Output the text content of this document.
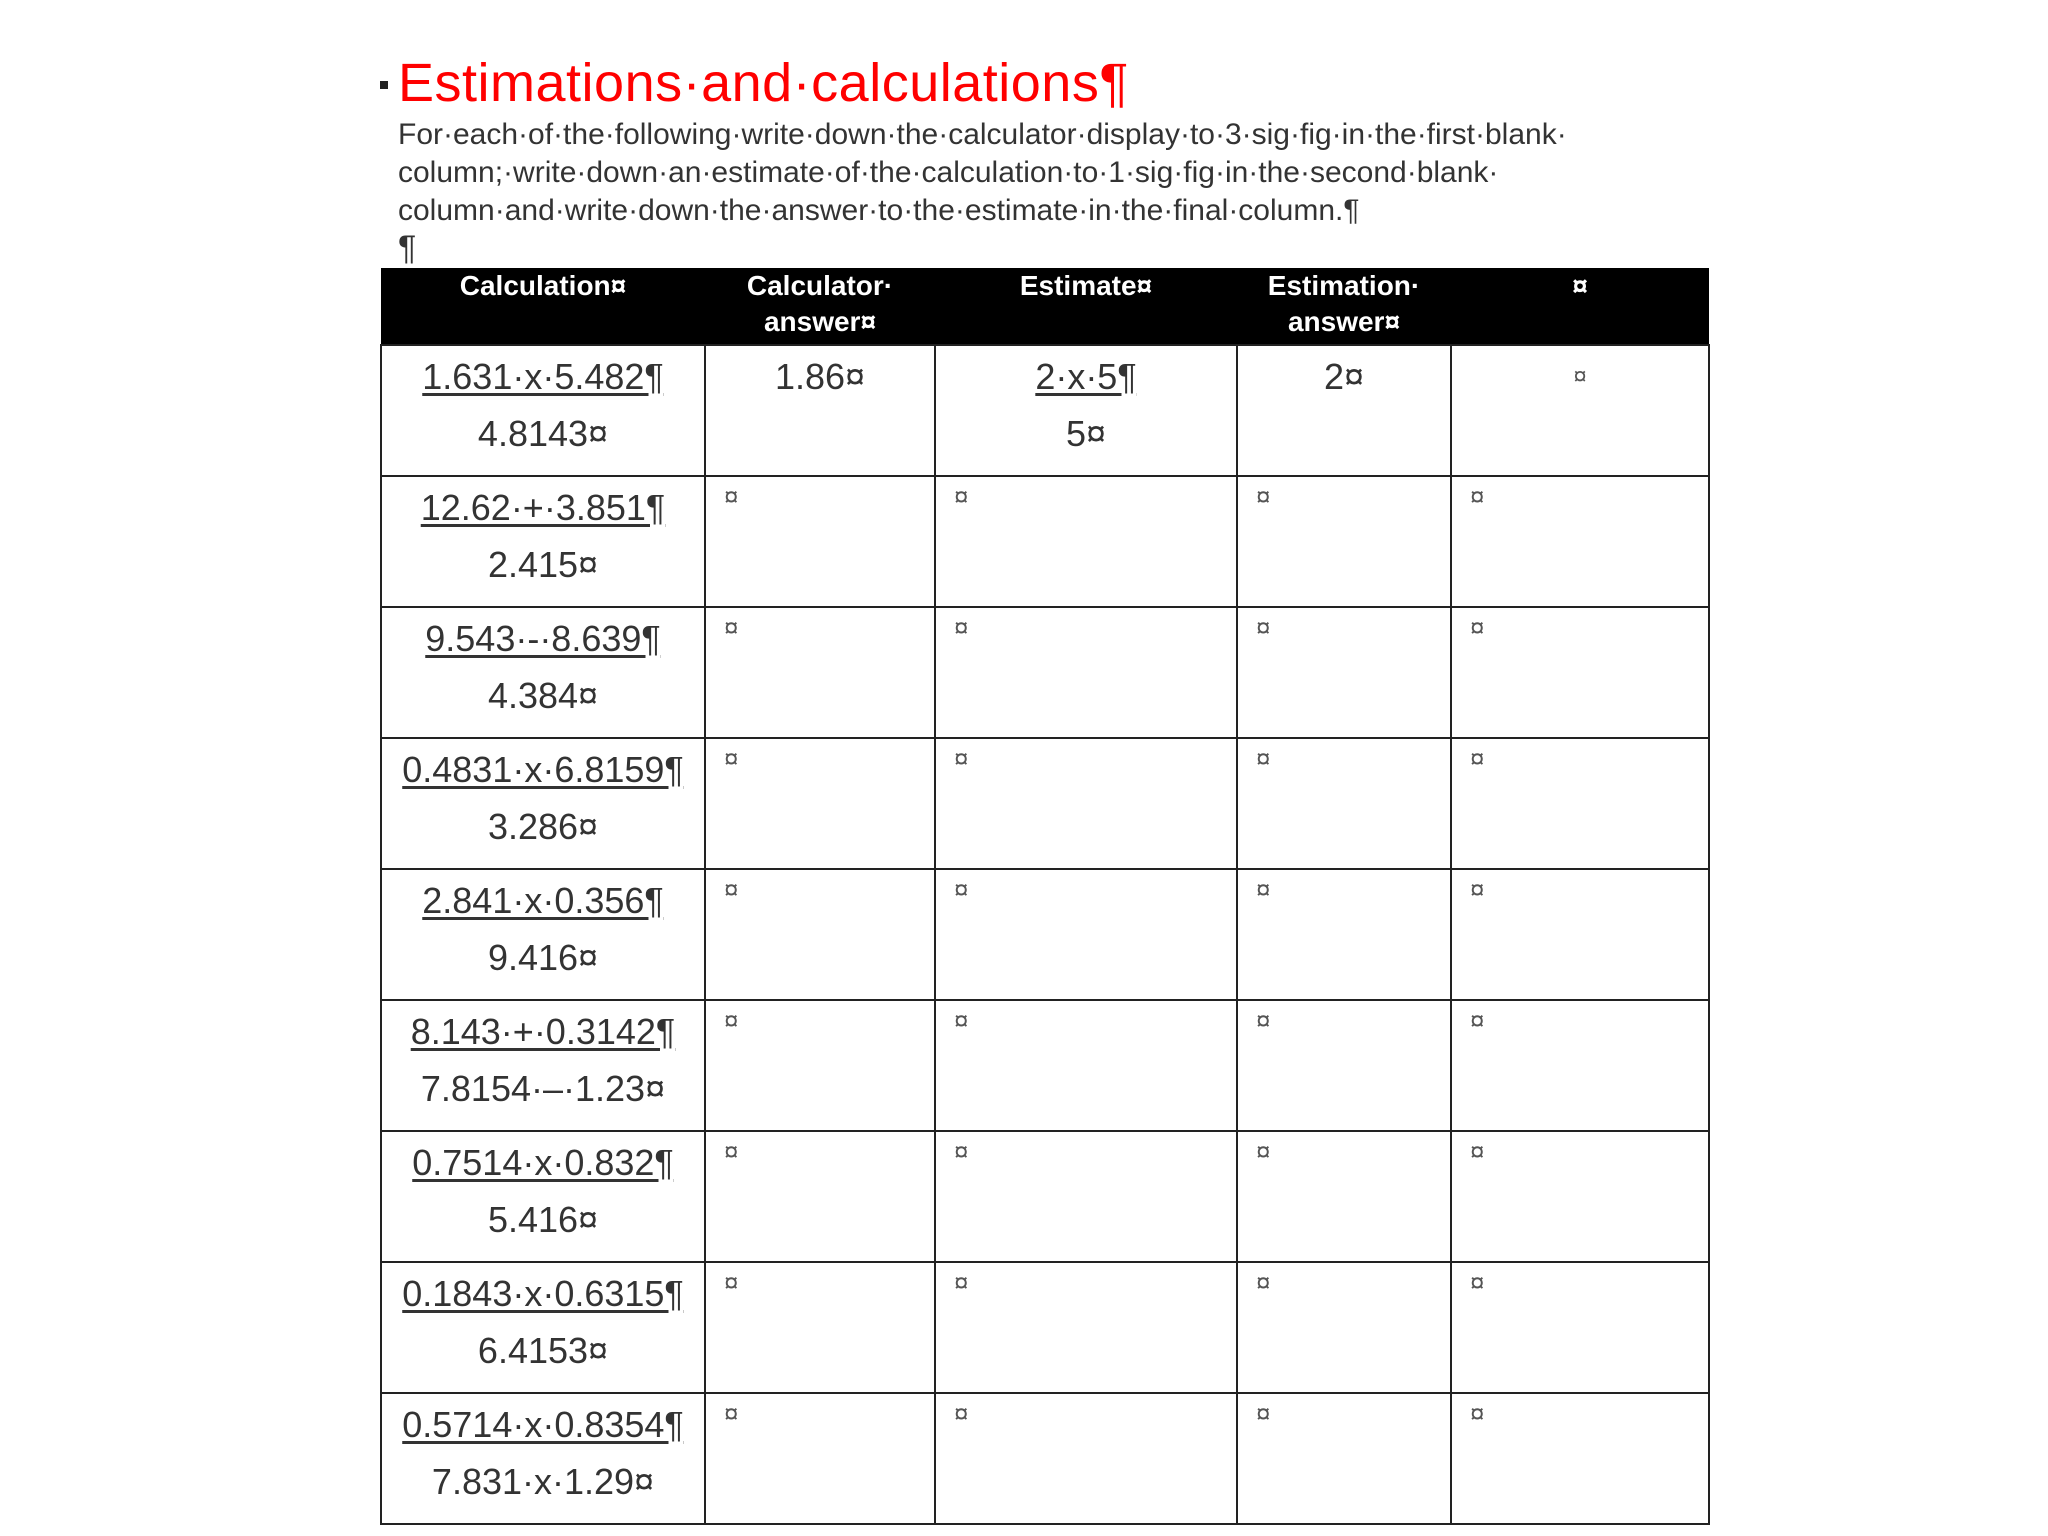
Estimations·and·calculations¶

For·each·of·the·following·write·down·the·calculator·display·to·3·sig·fig·in·the·first·blank·

column;·write·down·an·estimate·of·the·calculation·to·1·sig·fig·in·the·second·blank·

column·and·write·down·the·answer·to·the·estimate·in·the·final·column.¶

¶
Calculation¤	Calculator· answer¤	Estimate¤	Estimation· answer¤	¤
1.631·x·5.482¶
4.8143¤	1.86¤	2·x·5¶
5¤	2¤	¤

12.62·+·3.851¶
2.415¤	¤	¤	¤	¤

9.543·-·8.639¶
4.384¤	¤	¤	¤	¤

0.4831·x·6.8159¶
3.286¤	¤	¤	¤	¤

2.841·x·0.356¶
9.416¤	¤	¤	¤	¤

8.143·+·0.3142¶
7.8154·–·1.23¤	¤	¤	¤	¤

0.7514·x·0.832¶
5.416¤	¤	¤	¤	¤

0.1843·x·0.6315¶
6.4153¤	¤	¤	¤	¤

0.5714·x·0.8354¶
7.831·x·1.29¤	¤	¤	¤	¤
